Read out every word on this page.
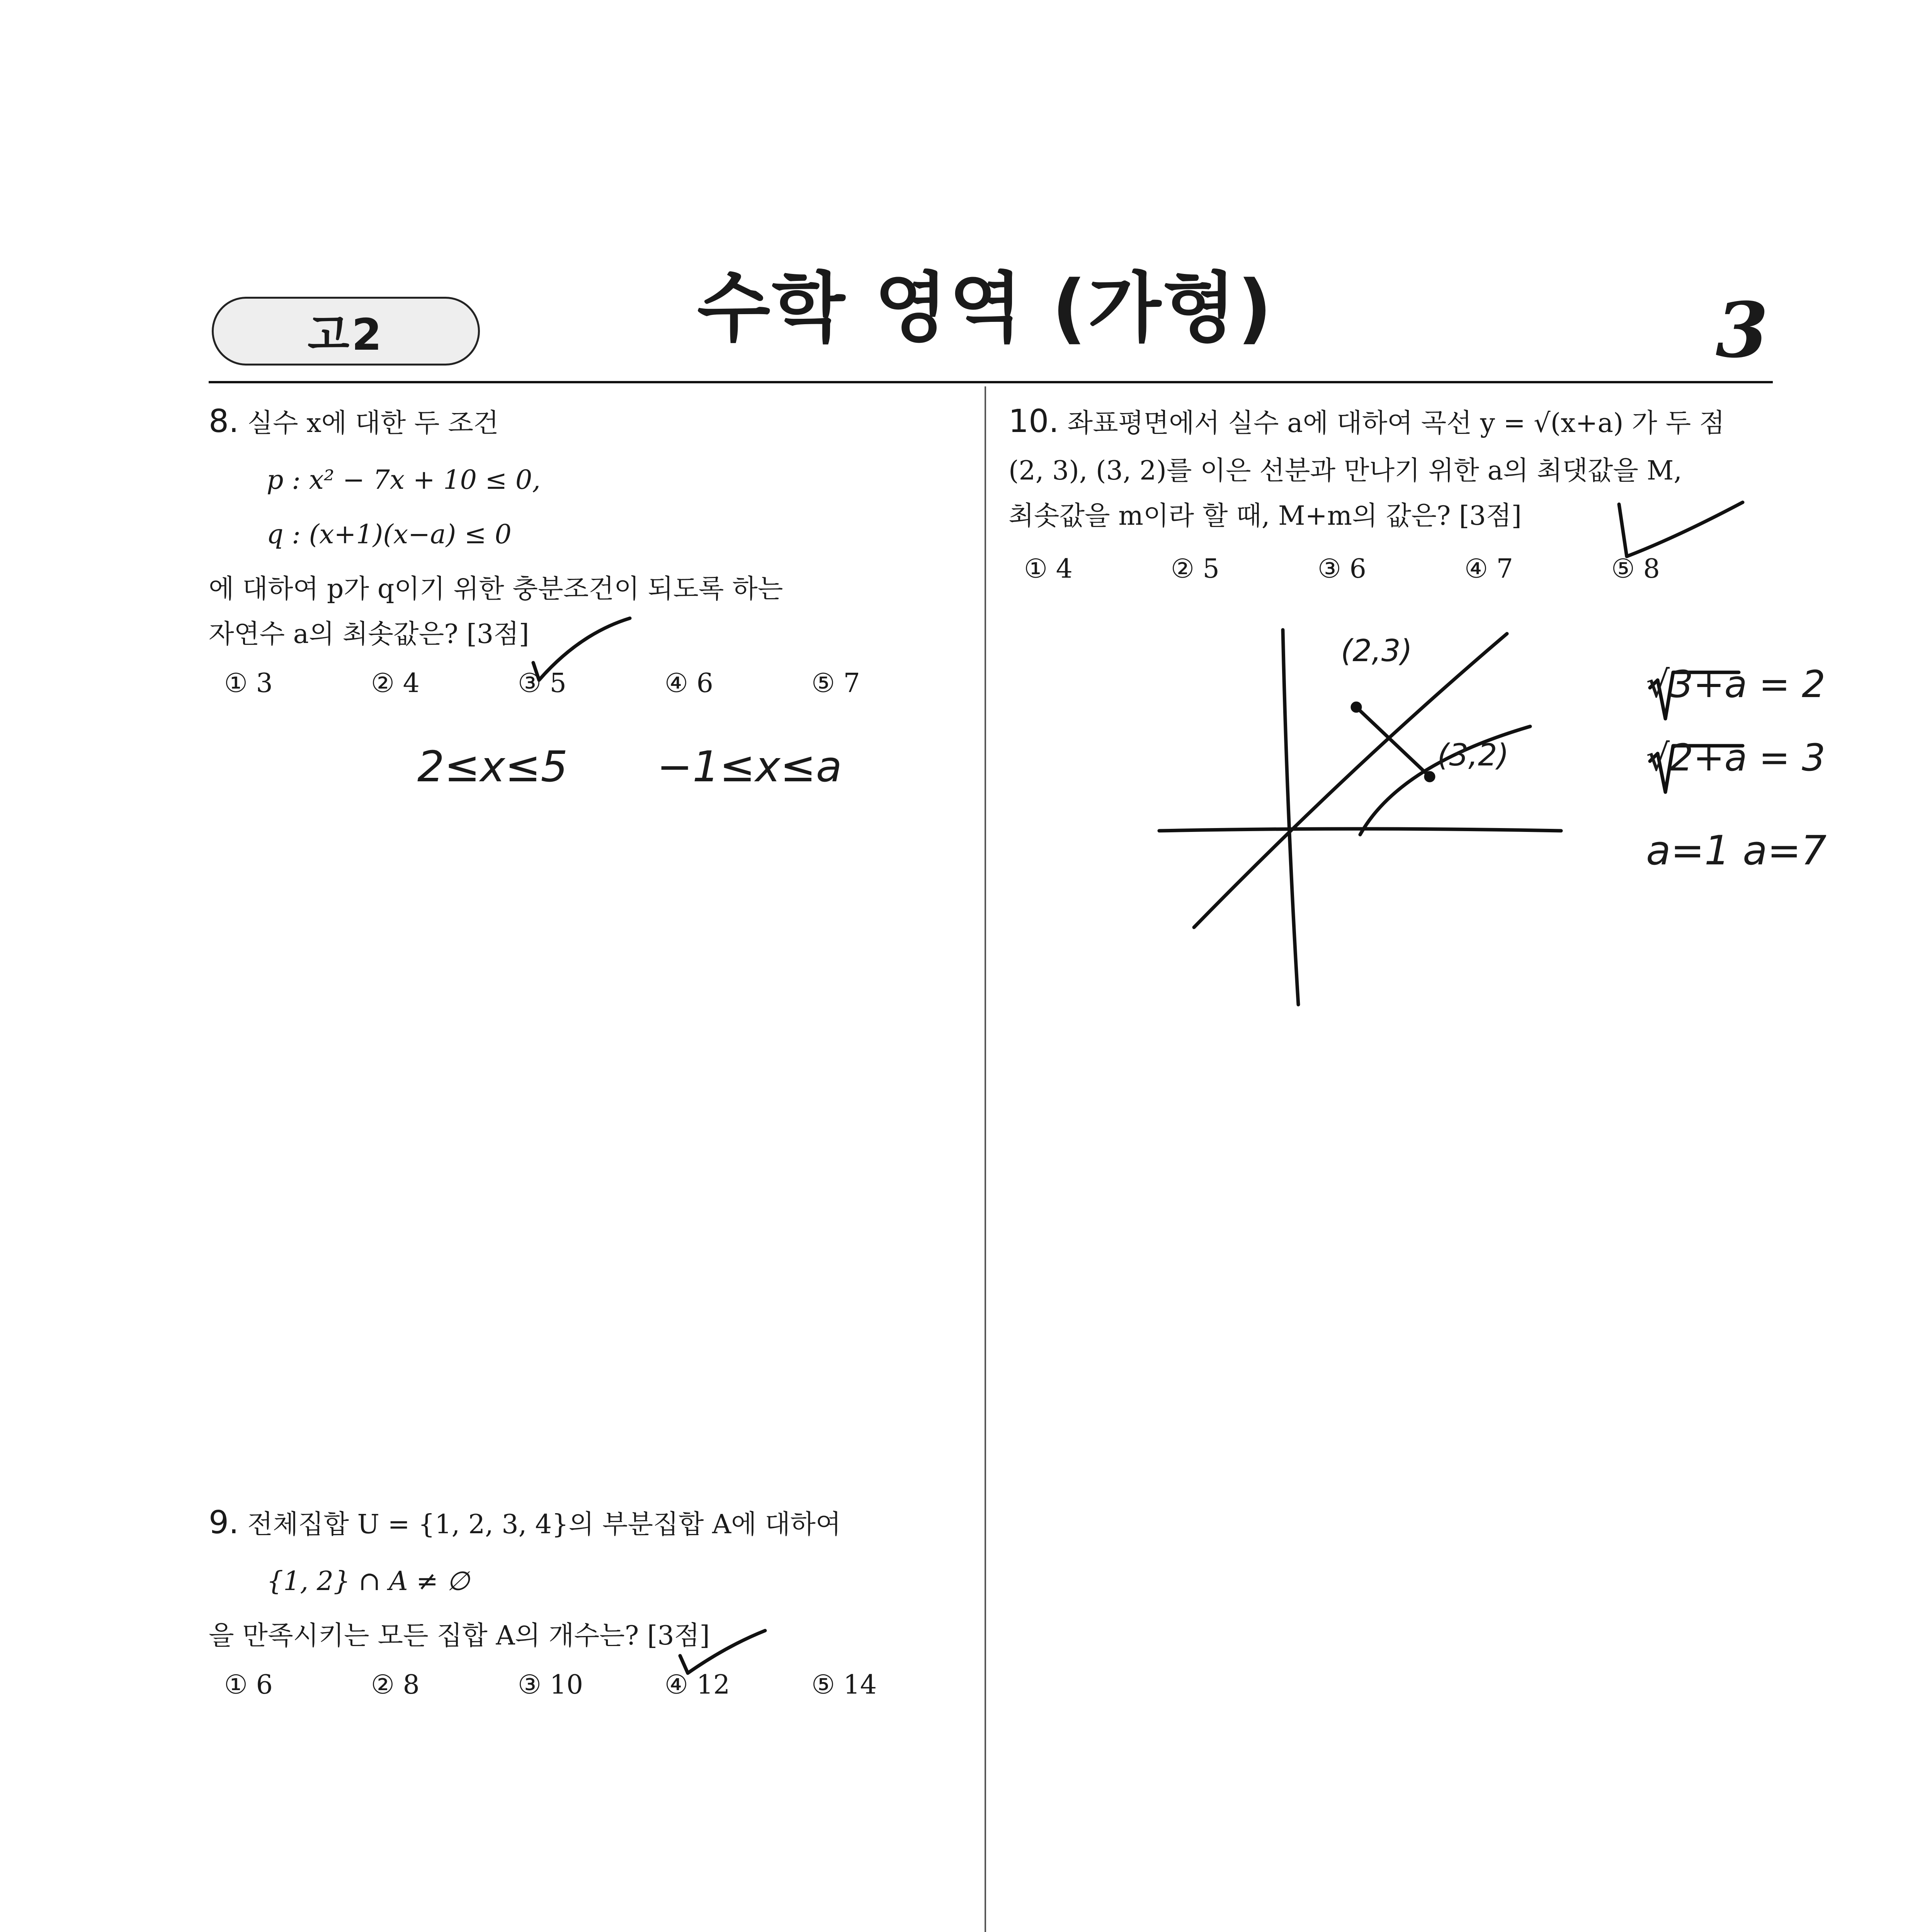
고2	수학 영역 (가형)	3
8. 실수 x에 대한 두 조건
p : x² − 7x + 10 ≤ 0,
q : (x+1)(x−a) ≤ 0
에 대하여 p가 q이기 위한 충분조건이 되도록 하는
자연수 a의 최솟값은? [3점]
① 3	② 4	③ 5	④ 6	⑤ 7
9. 전체집합 U = {1, 2, 3, 4}의 부분집합 A에 대하여
{1, 2} ∩ A ≠ ∅
을 만족시키는 모든 집합 A의 개수는? [3점]
① 6	② 8	③ 10	④ 12	⑤ 14
10. 좌표평면에서 실수 a에 대하여 곡선 y = √(x+a) 가 두 점
(2, 3), (3, 2)를 이은 선분과 만나기 위한 a의 최댓값을 M,
최솟값을 m이라 할 때, M+m의 값은? [3점]
① 4	② 5	③ 6	④ 7	⑤ 8
2≤x≤5 −1≤x≤a
(2,3)
(3,2)
√3+a = 2
√2+a = 3
a=1 a=7
